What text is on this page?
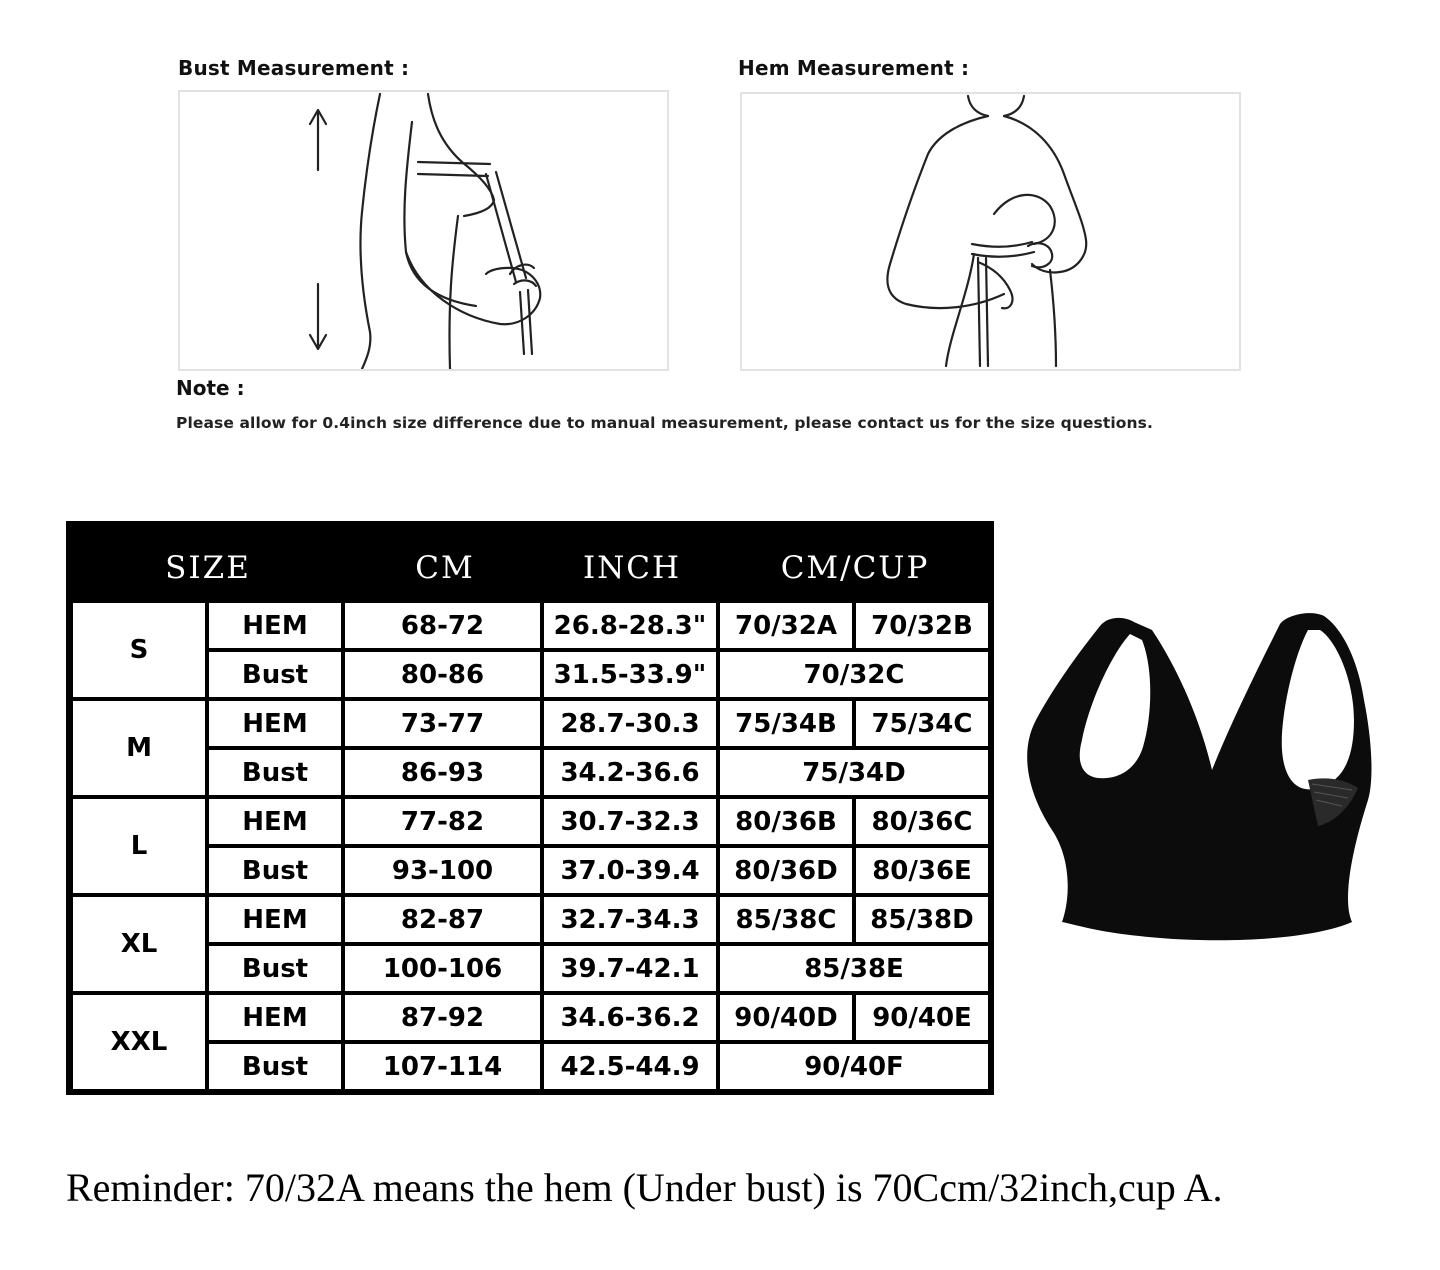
Bust Measurement :	Hem Measurement :
Note :
Please allow for 0.4inch size difference due to manual measurement, please contact us for the size questions.
SIZE	CM	INCH	CM/CUP
S
HEM	68-72	26.8-28.3"	70/32A	70/32B
Bust	80-86	31.5-33.9"	70/32C
M
HEM	73-77	28.7-30.3	75/34B	75/34C
Bust	86-93	34.2-36.6	75/34D
L
HEM	77-82	30.7-32.3	80/36B	80/36C
Bust	93-100	37.0-39.4	80/36D	80/36E
XL
HEM	82-87	32.7-34.3	85/38C	85/38D
Bust	100-106	39.7-42.1	85/38E
XXL
HEM	87-92	34.6-36.2	90/40D	90/40E
Bust	107-114	42.5-44.9	90/40F
Reminder: 70/32A means the hem (Under bust) is 70Ccm/32inch,cup A.
